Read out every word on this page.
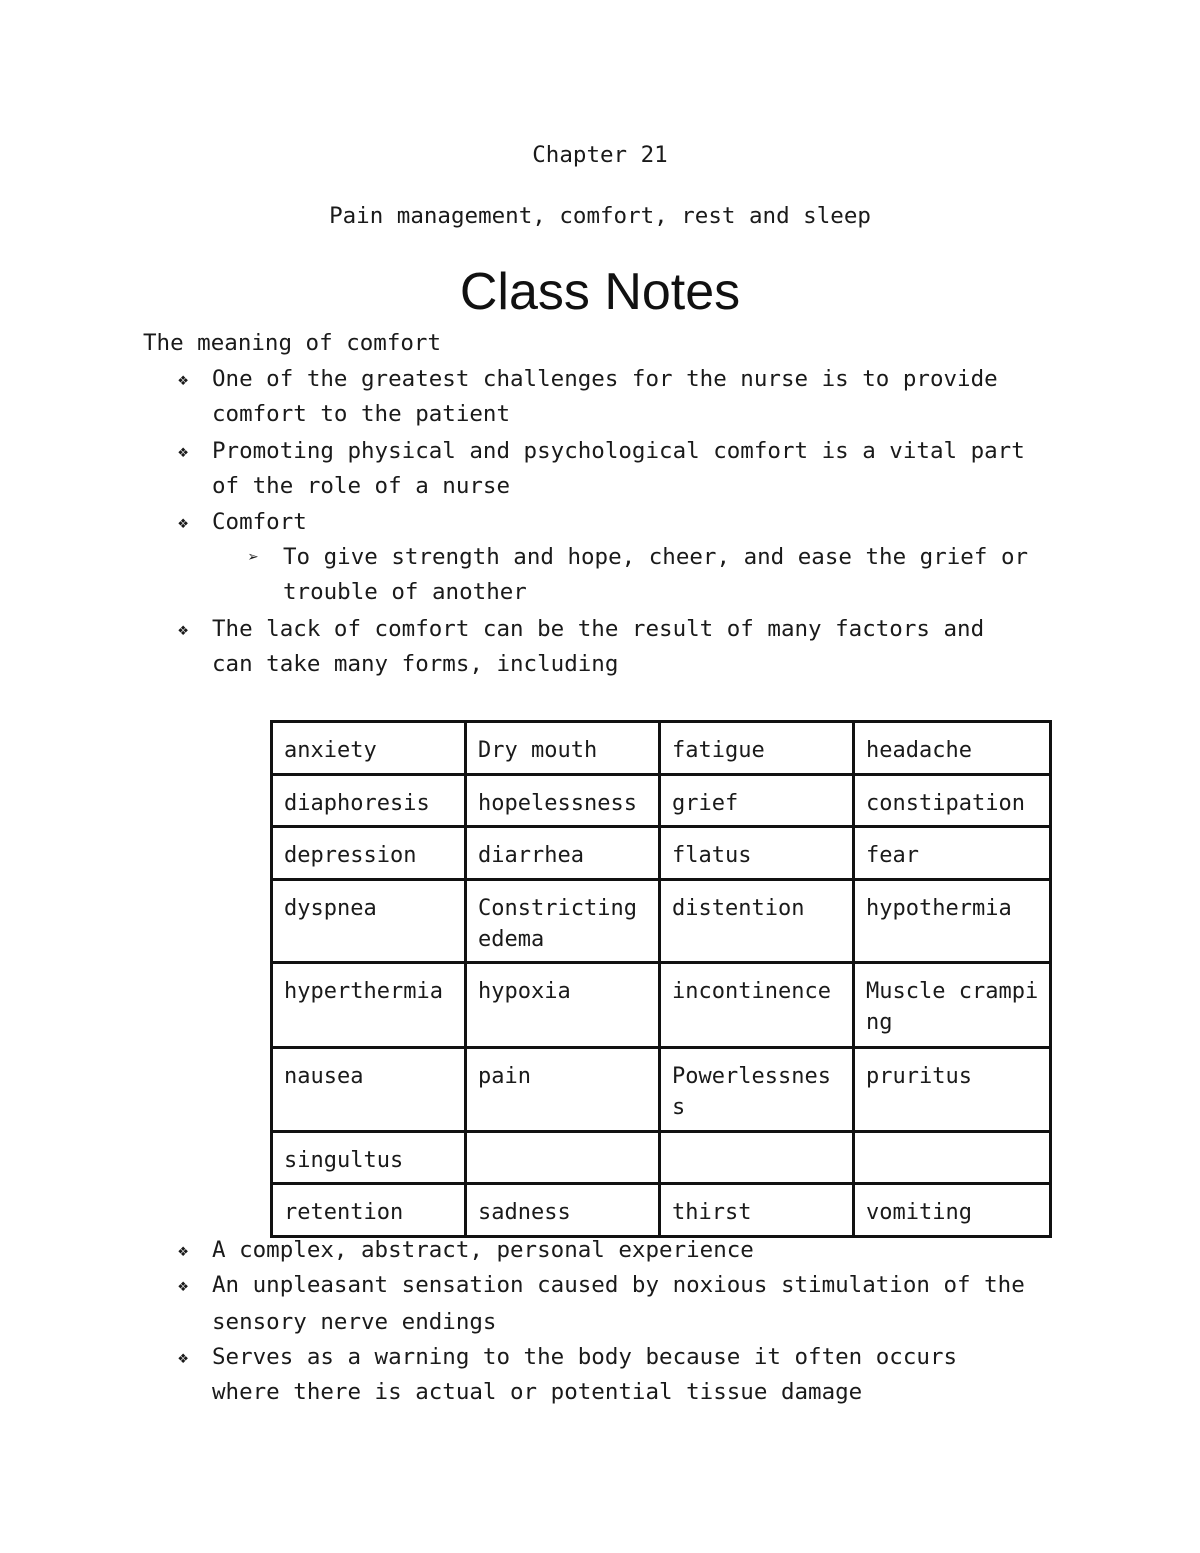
Chapter 21
Pain management, comfort, rest and sleep
Class Notes
The meaning of comfort
❖ One of the greatest challenges for the nurse is to provide
comfort to the patient
❖ Promoting physical and psychological comfort is a vital part
of the role of a nurse
❖ Comfort
➢ To give strength and hope, cheer, and ease the grief or
trouble of another
❖ The lack of comfort can be the result of many factors and
can take many forms, including
anxiety	Dry mouth	fatigue	headache
diaphoresis	hopelessness	grief	constipation
depression	diarrhea	flatus	fear
dyspnea	Constricting edema	distention	hypothermia
hyperthermia	hypoxia	incontinence	Muscle cramping
nausea	pain	Powerlessness	pruritus
singultus			
retention	sadness	thirst	vomiting
❖ A complex, abstract, personal experience
❖ An unpleasant sensation caused by noxious stimulation of the
sensory nerve endings
❖ Serves as a warning to the body because it often occurs
where there is actual or potential tissue damage
